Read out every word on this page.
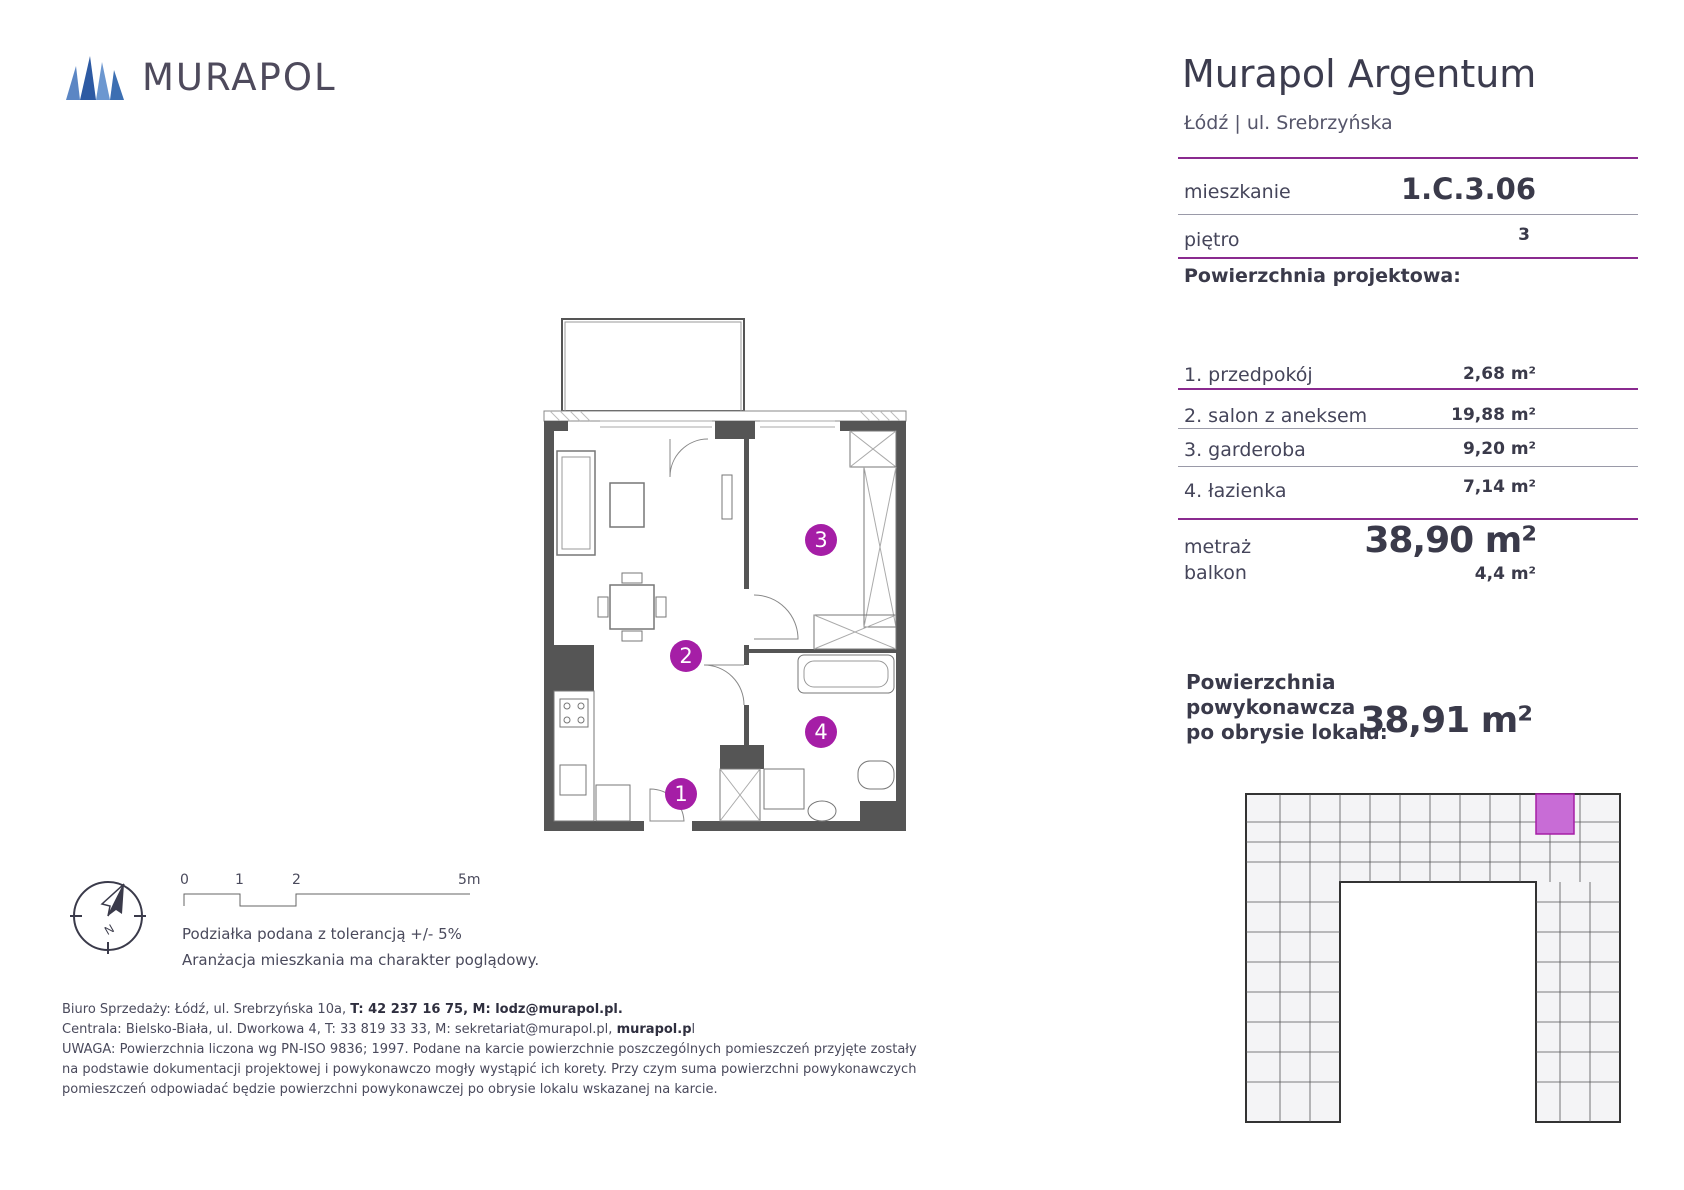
MURAPOL	Murapol Argentum
Łódź | ul. Srebrzyńska
mieszkanie	1.C.3.06
piętro	3
Powierzchnia projektowa:
1. przedpokój	2,68 m²
2. salon z aneksem	19,88 m²
3. garderoba	9,20 m²
4. łazienka	7,14 m²
metraż	38,90 m²
balkon	4,4 m²
Powierzchnia
powykonawcza
po obrysie lokalu:
38,91 m²
1
2
3
4
N
0	1	2	5m
Podziałka podana z tolerancją +/- 5%
Aranżacja mieszkania ma charakter poglądowy.
Biuro Sprzedaży: Łódź, ul. Srebrzyńska 10a, T: 42 237 16 75, M: lodz@murapol.pl.
Centrala: Bielsko-Biała, ul. Dworkowa 4, T: 33 819 33 33, M: sekretariat@murapol.pl, murapol.pl
UWAGA: Powierzchnia liczona wg PN-ISO 9836; 1997. Podane na karcie powierzchnie poszczególnych pomieszczeń przyjęte zostały
na podstawie dokumentacji projektowej i powykonawczo mogły wystąpić ich korety. Przy czym suma powierzchni powykonawczych
pomieszczeń odpowiadać będzie powierzchni powykonawczej po obrysie lokalu wskazanej na karcie.
